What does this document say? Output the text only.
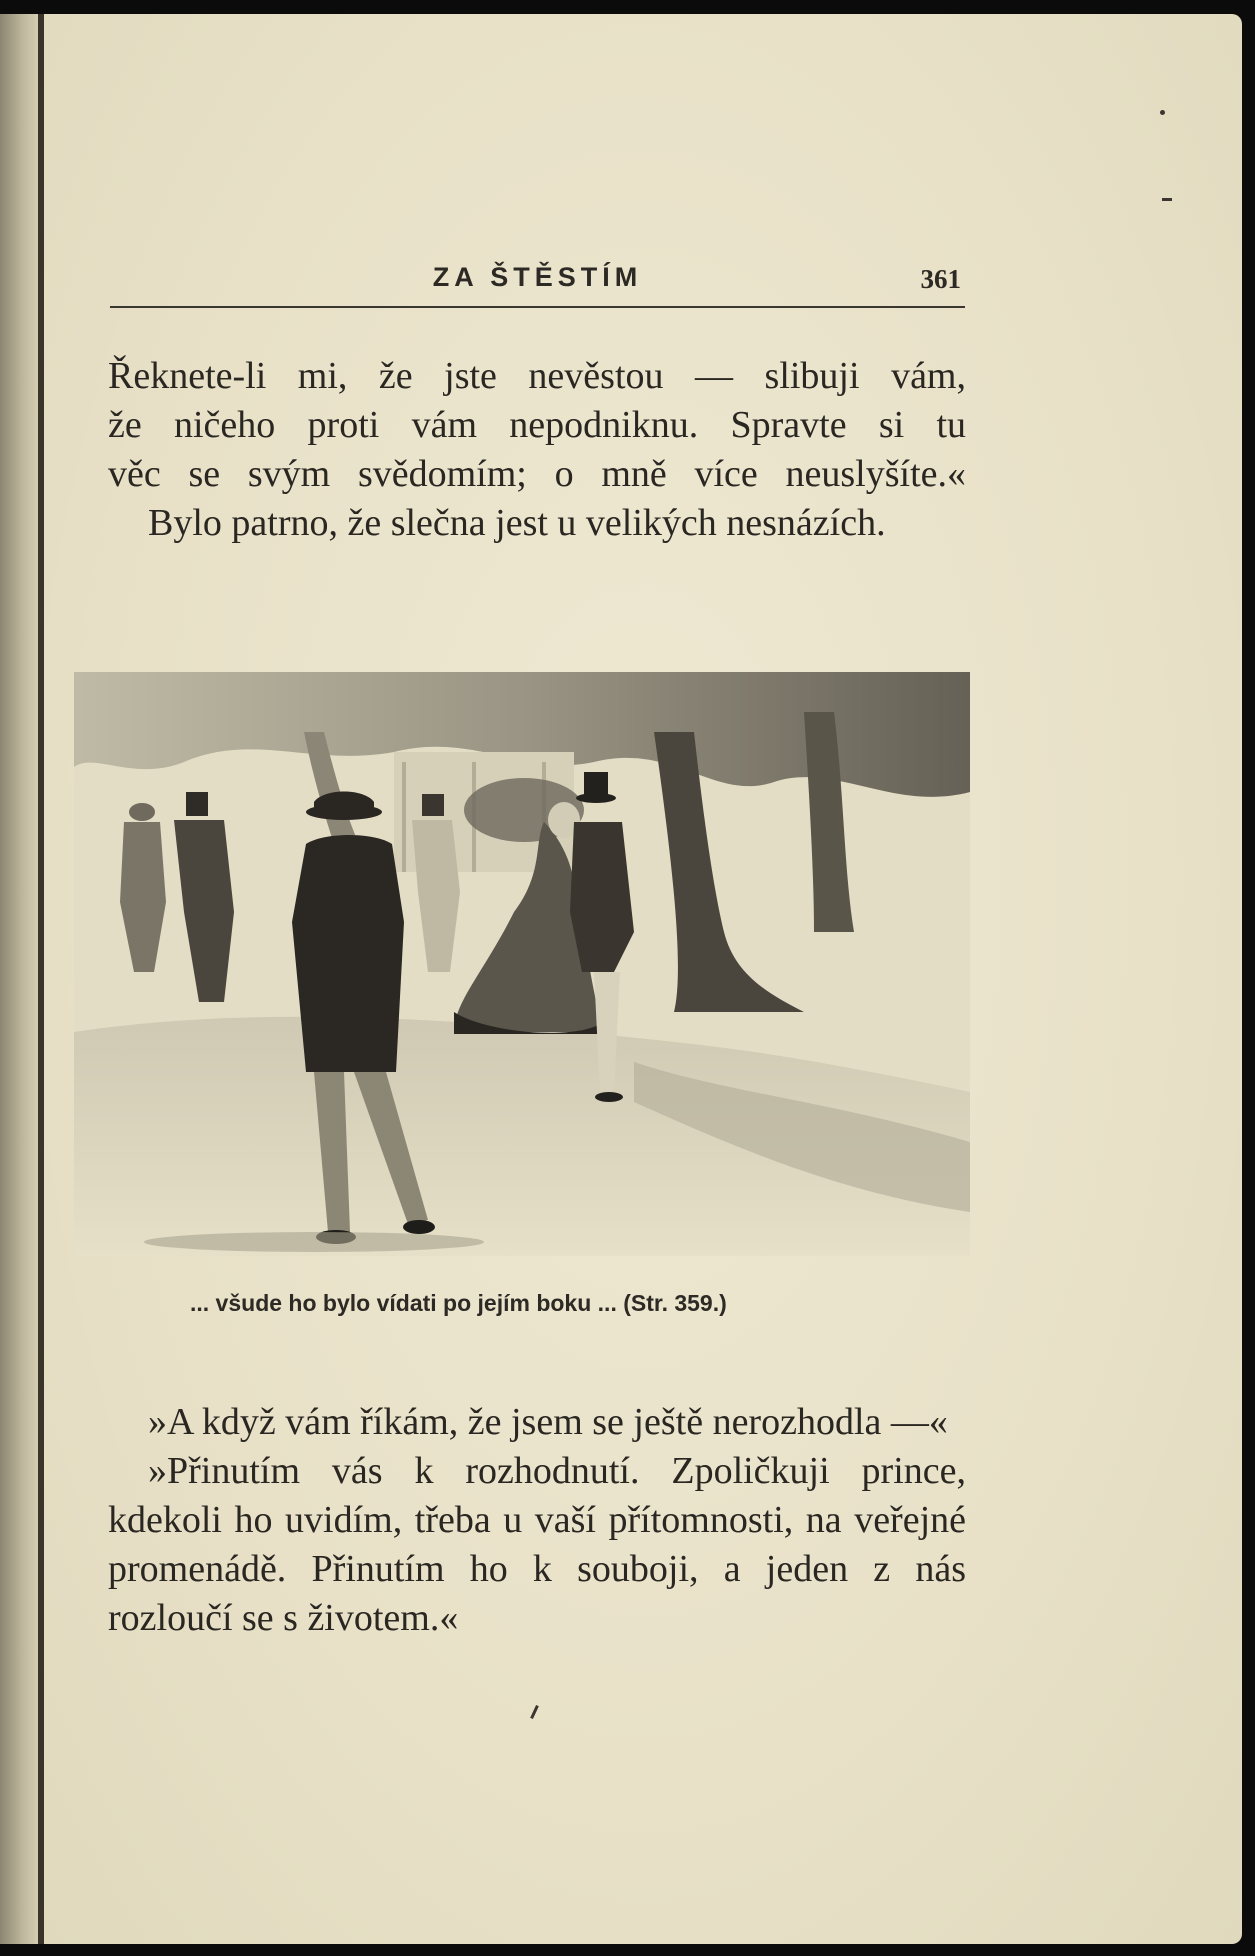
ZA ŠTĚSTÍM	361

Řeknete-li mi, že jste nevěstou — slibuji vám,

že ničeho proti vám nepodniknu. Spravte si tu

věc se svým svědomím; o mně více neuslyšíte.«

Bylo patrno, že slečna jest u velikých nesnázích.

... všude ho bylo vídati po jejím boku ... (Str. 359.)

»A když vám říkám, že jsem se ještě nerozhodla —«

»Přinutím vás k rozhodnutí. Zpoličkuji prince, kdekoli ho uvidím, třeba u vaší přítomnosti, na veřejné promenádě. Přinutím ho k souboji, a jeden z nás rozloučí se s životem.«
